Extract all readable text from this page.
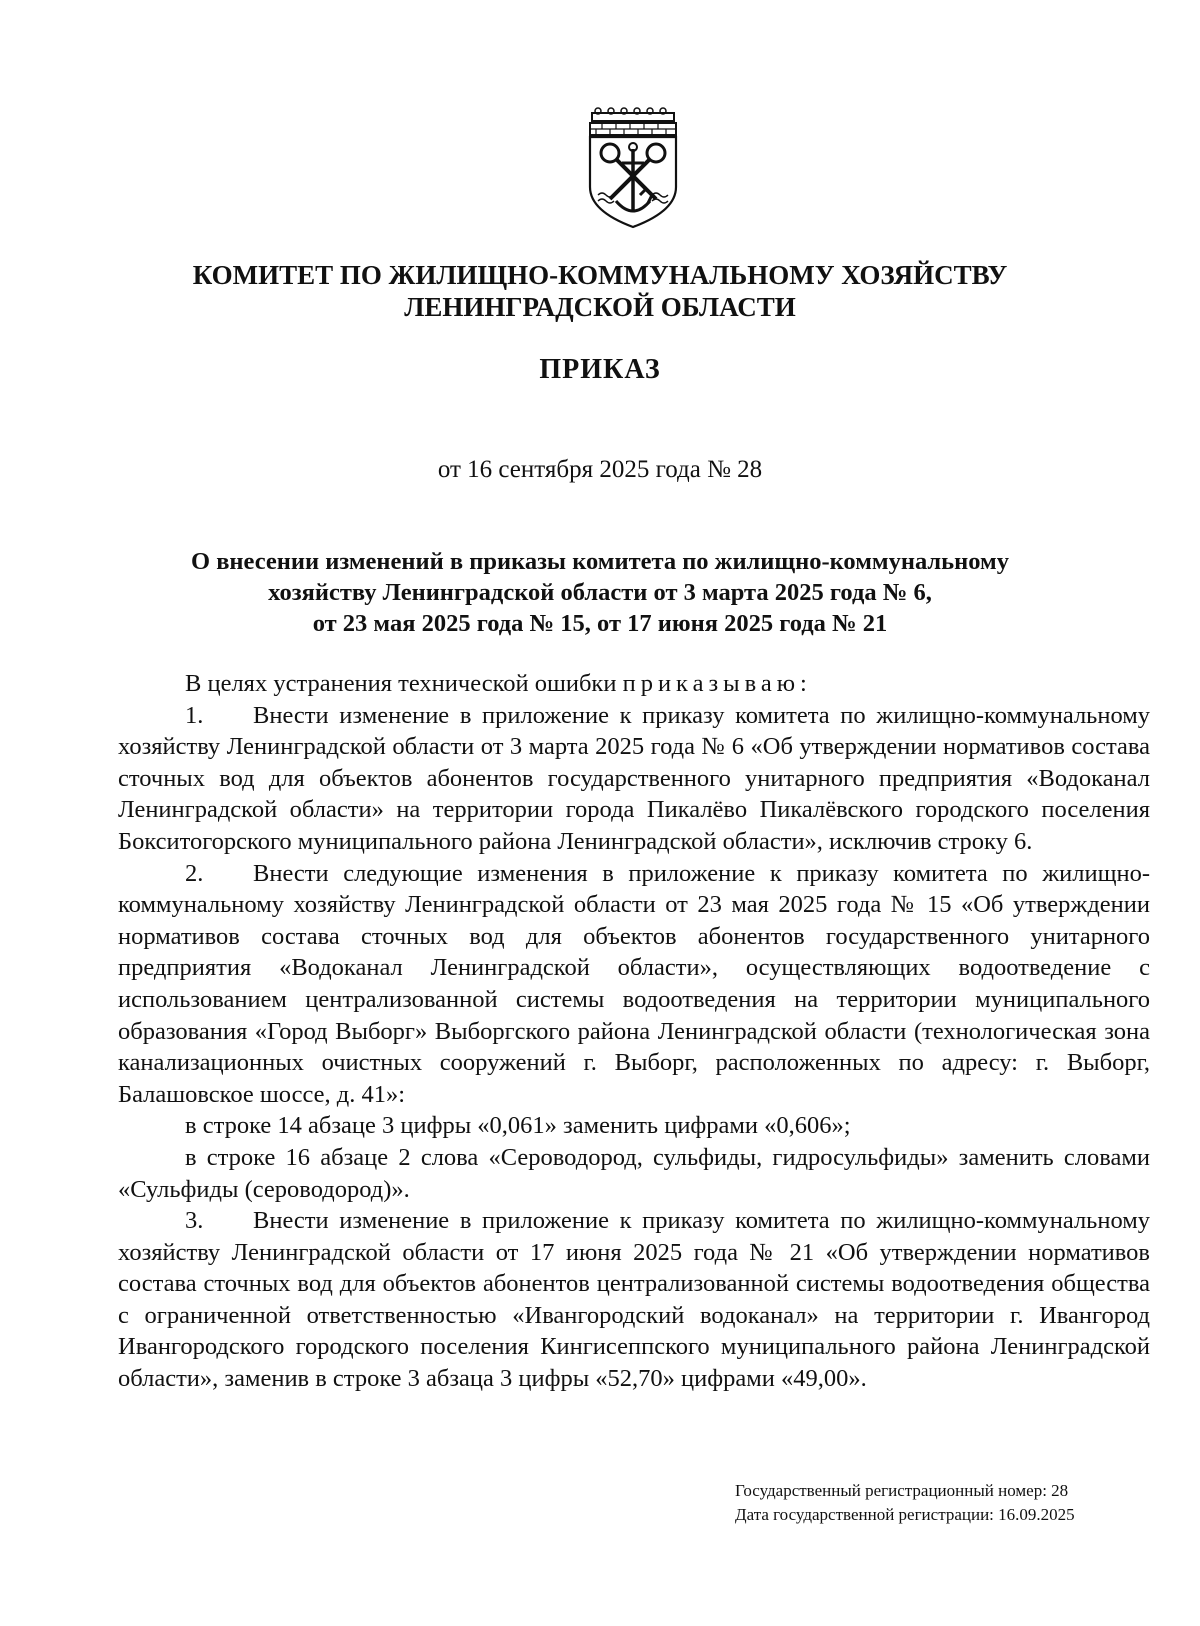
КОМИТЕТ ПО ЖИЛИЩНО-КОММУНАЛЬНОМУ ХОЗЯЙСТВУ
ЛЕНИНГРАДСКОЙ ОБЛАСТИ
ПРИКАЗ
от 16 сентября 2025 года № 28
О внесении изменений в приказы комитета по жилищно-коммунальному
хозяйству Ленинградской области от 3 марта 2025 года № 6,
от 23 мая 2025 года № 15, от 17 июня 2025 года № 21

В целях устранения технической ошибки приказываю:

1. Внести изменение в приложение к приказу комитета по жилищно-коммунальному хозяйству Ленинградской области от 3 марта 2025 года № 6 «Об утверждении нормативов состава сточных вод для объектов абонентов государственного унитарного предприятия «Водоканал Ленинградской области» на территории города Пикалёво Пикалёвского городского поселения Бокситогорского муниципального района Ленинградской области», исключив строку 6.

2. Внести следующие изменения в приложение к приказу комитета по жилищно-коммунальному хозяйству Ленинградской области от 23 мая 2025 года № 15 «Об утверждении нормативов состава сточных вод для объектов абонентов государственного унитарного предприятия «Водоканал Ленинградской области», осуществляющих водоотведение с использованием централизованной системы водоотведения на территории муниципального образования «Город Выборг» Выборгского района Ленинградской области (технологическая зона канализационных очистных сооружений г. Выборг, расположенных по адресу: г. Выборг, Балашовское шоссе, д. 41»:

в строке 14 абзаце 3 цифры «0,061» заменить цифрами «0,606»;

в строке 16 абзаце 2 слова «Сероводород, сульфиды, гидросульфиды» заменить словами «Сульфиды (сероводород)».

3. Внести изменение в приложение к приказу комитета по жилищно-коммунальному хозяйству Ленинградской области от 17 июня 2025 года № 21 «Об утверждении нормативов состава сточных вод для объектов абонентов централизованной системы водоотведения общества с ограниченной ответственностью «Ивангородский водоканал» на территории г. Ивангород Ивангородского городского поселения Кингисеппского муниципального района Ленинградской области», заменив в строке 3 абзаца 3 цифры «52,70» цифрами «49,00».

Государственный регистрационный номер: 28
Дата государственной регистрации: 16.09.2025
